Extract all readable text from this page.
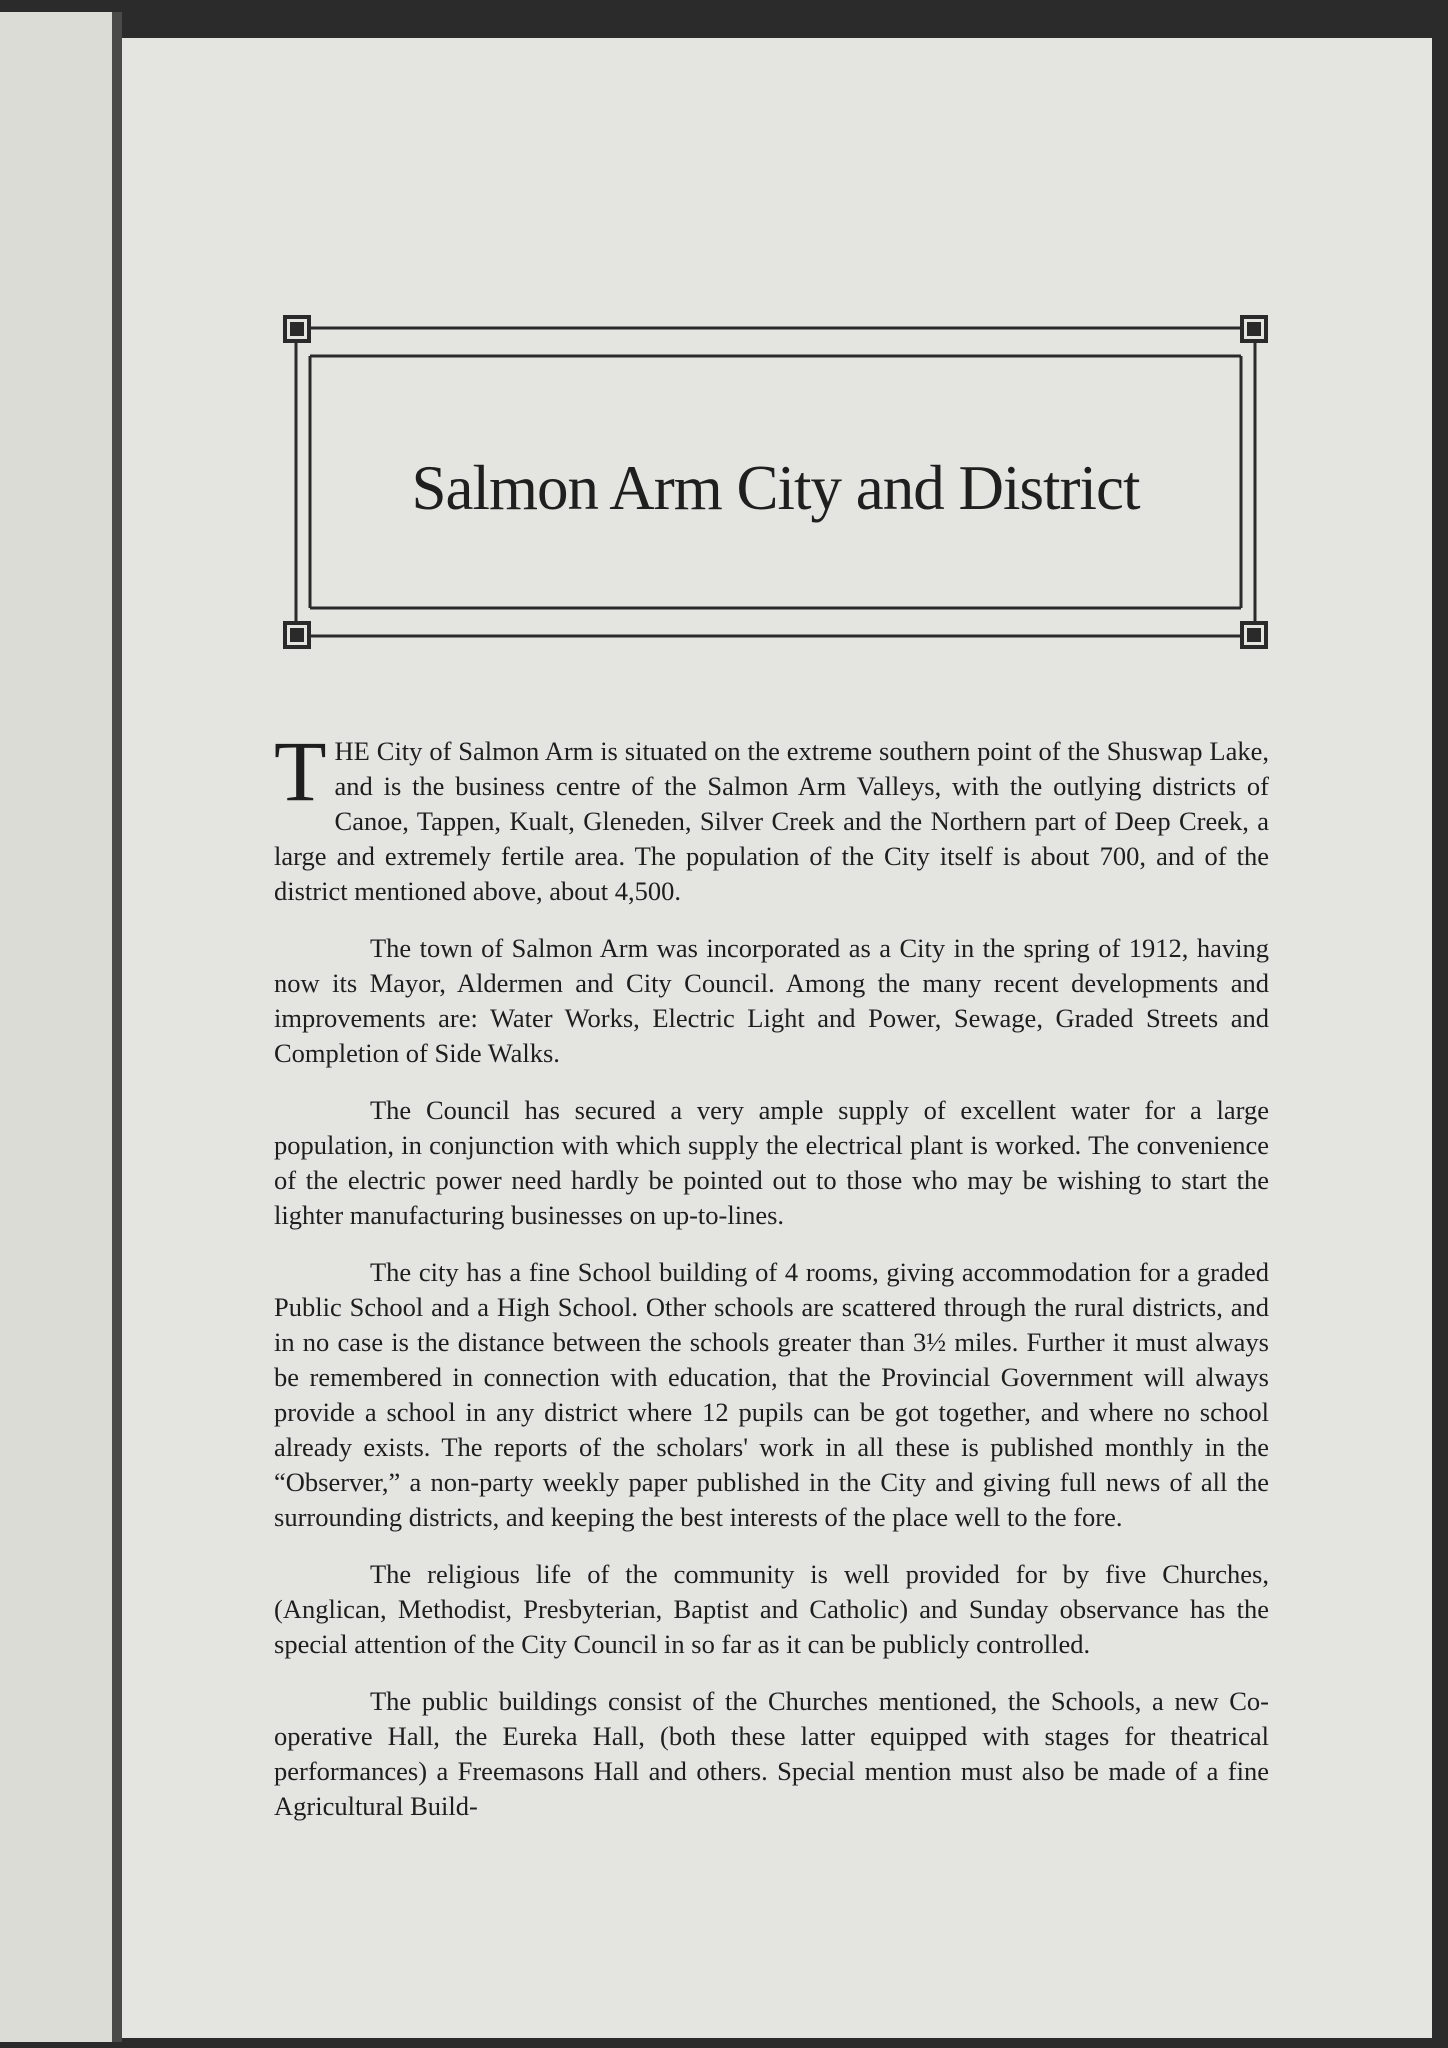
Salmon Arm City and District

THE City of Salmon Arm is situated on the extreme southern point of the Shuswap Lake, and is the business centre of the Salmon Arm Valleys, with the outlying districts of Canoe, Tappen, Kualt, Gleneden, Silver Creek and the Northern part of Deep Creek, a large and extremely fertile area. The population of the City itself is about 700, and of the district mentioned above, about 4,500.

The town of Salmon Arm was incorporated as a City in the spring of 1912, having now its Mayor, Aldermen and City Council. Among the many recent developments and improvements are: Water Works, Electric Light and Power, Sewage, Graded Streets and Completion of Side Walks.

The Council has secured a very ample supply of excellent water for a large population, in conjunction with which supply the electrical plant is worked. The convenience of the electric power need hardly be pointed out to those who may be wishing to start the lighter manufacturing businesses on up-to-lines.

The city has a fine School building of 4 rooms, giving accommodation for a graded Public School and a High School. Other schools are scattered through the rural districts, and in no case is the distance between the schools greater than 3½ miles. Further it must always be remembered in connection with education, that the Provincial Government will always provide a school in any district where 12 pupils can be got together, and where no school already exists. The reports of the scholars' work in all these is published monthly in the “Observer,” a non-party weekly paper published in the City and giving full news of all the surrounding districts, and keeping the best interests of the place well to the fore.

The religious life of the community is well provided for by five Churches, (Anglican, Methodist, Presbyterian, Baptist and Catholic) and Sunday observance has the special attention of the City Council in so far as it can be publicly controlled.

The public buildings consist of the Churches mentioned, the Schools, a new Co-operative Hall, the Eureka Hall, (both these latter equipped with stages for theatrical performances) a Freemasons Hall and others. Special mention must also be made of a fine Agricultural Build-
